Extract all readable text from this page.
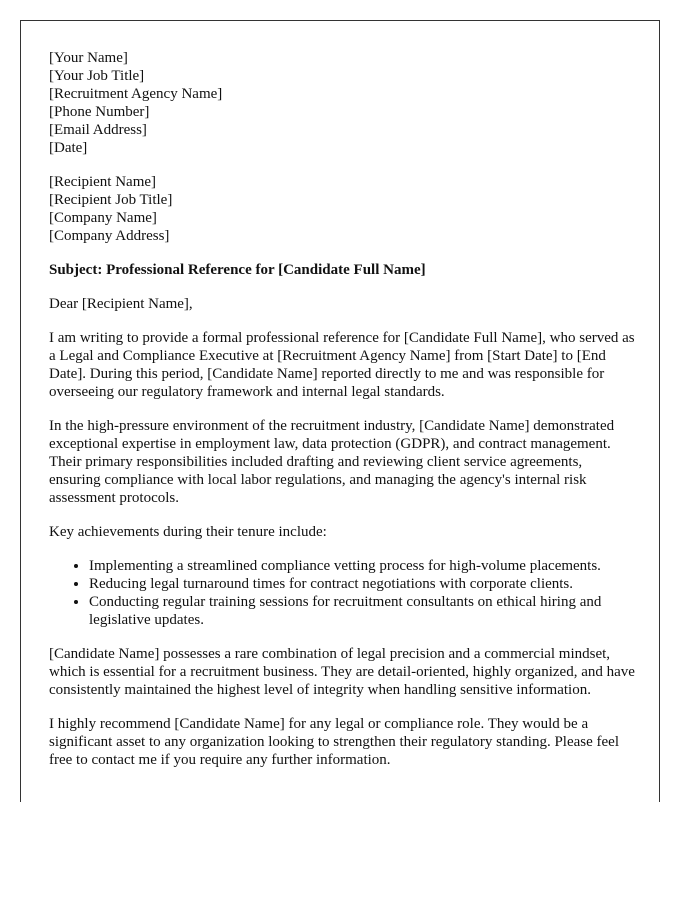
[Your Name]
[Your Job Title]
[Recruitment Agency Name]
[Phone Number]
[Email Address]
[Date]
[Recipient Name]
[Recipient Job Title]
[Company Name]
[Company Address]
Subject: Professional Reference for [Candidate Full Name]

Dear [Recipient Name],

I am writing to provide a formal professional reference for [Candidate Full Name], who served as a Legal and Compliance Executive at [Recruitment Agency Name] from [Start Date] to [End Date]. During this period, [Candidate Name] reported directly to me and was responsible for overseeing our regulatory framework and internal legal standards.

In the high-pressure environment of the recruitment industry, [Candidate Name] demonstrated exceptional expertise in employment law, data protection (GDPR), and contract management. Their primary responsibilities included drafting and reviewing client service agreements, ensuring compliance with local labor regulations, and managing the agency's internal risk assessment protocols.

Key achievements during their tenure include:

• Implementing a streamlined compliance vetting process for high-volume placements.
• Reducing legal turnaround times for contract negotiations with corporate clients.
• Conducting regular training sessions for recruitment consultants on ethical hiring and legislative updates.

[Candidate Name] possesses a rare combination of legal precision and a commercial mindset, which is essential for a recruitment business. They are detail-oriented, highly organized, and have consistently maintained the highest level of integrity when handling sensitive information.

I highly recommend [Candidate Name] for any legal or compliance role. They would be a significant asset to any organization looking to strengthen their regulatory standing. Please feel free to contact me if you require any further information.
